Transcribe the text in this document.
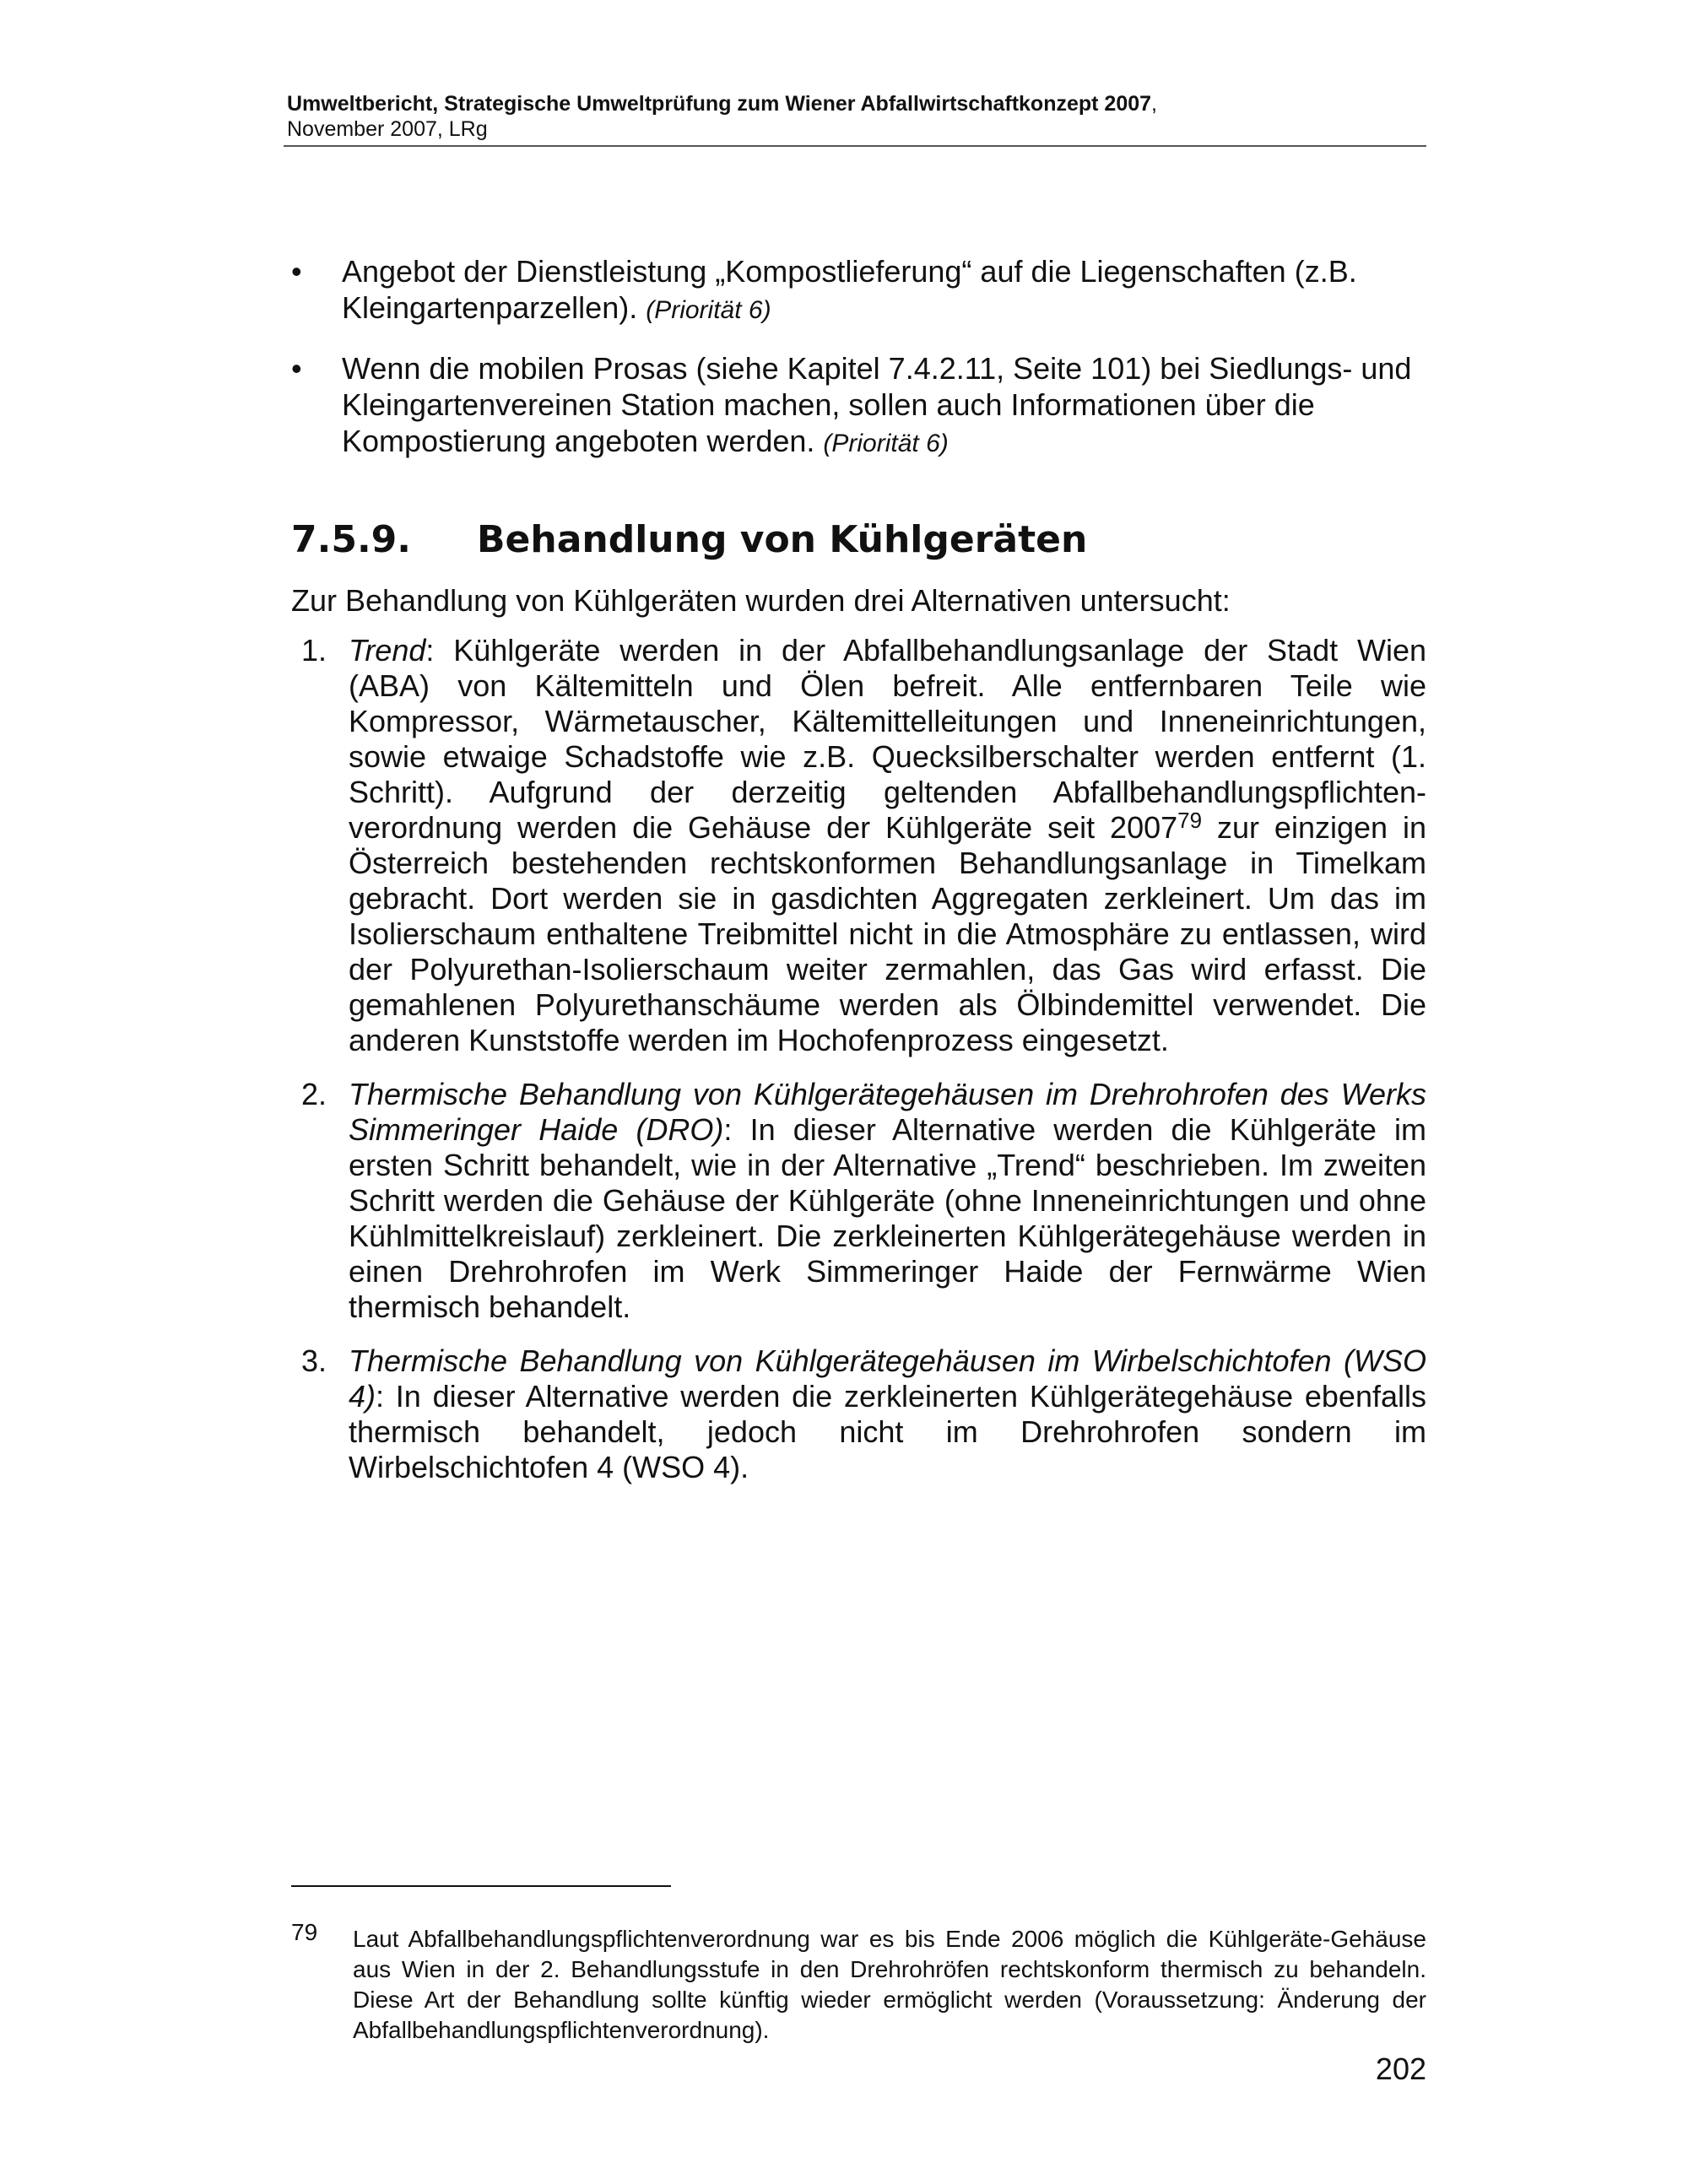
Umweltbericht, Strategische Umweltprüfung zum Wiener Abfallwirtschaftkonzept 2007,
November 2007, LRg
• Angebot der Dienstleistung „Kompostlieferung“ auf die Liegenschaften (z.B. Kleingartenparzellen). (Priorität 6)
• Wenn die mobilen Prosas (siehe Kapitel 7.4.2.11, Seite 101) bei Siedlungs- und Kleingartenvereinen Station machen, sollen auch Informationen über die Kompostierung angeboten werden. (Priorität 6)
7.5.9. Behandlung von Kühlgeräten
Zur Behandlung von Kühlgeräten wurden drei Alternativen untersucht:
1. Trend: Kühlgeräte werden in der Abfallbehandlungsanlage der Stadt Wien (ABA) von Kältemitteln und Ölen befreit. Alle entfernbaren Teile wie Kompressor, Wärmetauscher, Kältemittelleitungen und Inneneinrichtungen, sowie etwaige Schadstoffe wie z.B. Quecksilberschalter werden entfernt (1. Schritt). Aufgrund der derzeitig geltenden Abfallbehandlungspflichten-verordnung werden die Gehäuse der Kühlgeräte seit 2007$^{79}$ zur einzigen in Österreich bestehenden rechtskonformen Behandlungsanlage in Timelkam gebracht. Dort werden sie in gasdichten Aggregaten zerkleinert. Um das im Isolierschaum enthaltene Treibmittel nicht in die Atmosphäre zu entlassen, wird der Polyurethan-Isolierschaum weiter zermahlen, das Gas wird erfasst. Die gemahlenen Polyurethanschäume werden als Ölbindemittel verwendet. Die anderen Kunststoffe werden im Hochofenprozess eingesetzt.
2. Thermische Behandlung von Kühlgerätegehäusen im Drehrohrofen des Werks Simmeringer Haide (DRO): In dieser Alternative werden die Kühlgeräte im ersten Schritt behandelt, wie in der Alternative „Trend“ beschrieben. Im zweiten Schritt werden die Gehäuse der Kühlgeräte (ohne Inneneinrichtungen und ohne Kühlmittelkreislauf) zerkleinert. Die zerkleinerten Kühlgerätegehäuse werden in einen Drehrohrofen im Werk Simmeringer Haide der Fernwärme Wien thermisch behandelt.
3. Thermische Behandlung von Kühlgerätegehäusen im Wirbelschichtofen (WSO 4): In dieser Alternative werden die zerkleinerten Kühlgerätegehäuse ebenfalls thermisch behandelt, jedoch nicht im Drehrohrofen sondern im Wirbelschichtofen 4 (WSO 4).
79 Laut Abfallbehandlungspflichtenverordnung war es bis Ende 2006 möglich die Kühlgeräte-Gehäuse aus Wien in der 2. Behandlungsstufe in den Drehrohröfen rechtskonform thermisch zu behandeln. Diese Art der Behandlung sollte künftig wieder ermöglicht werden (Voraussetzung: Änderung der Abfallbehandlungspflichtenverordnung).
202
